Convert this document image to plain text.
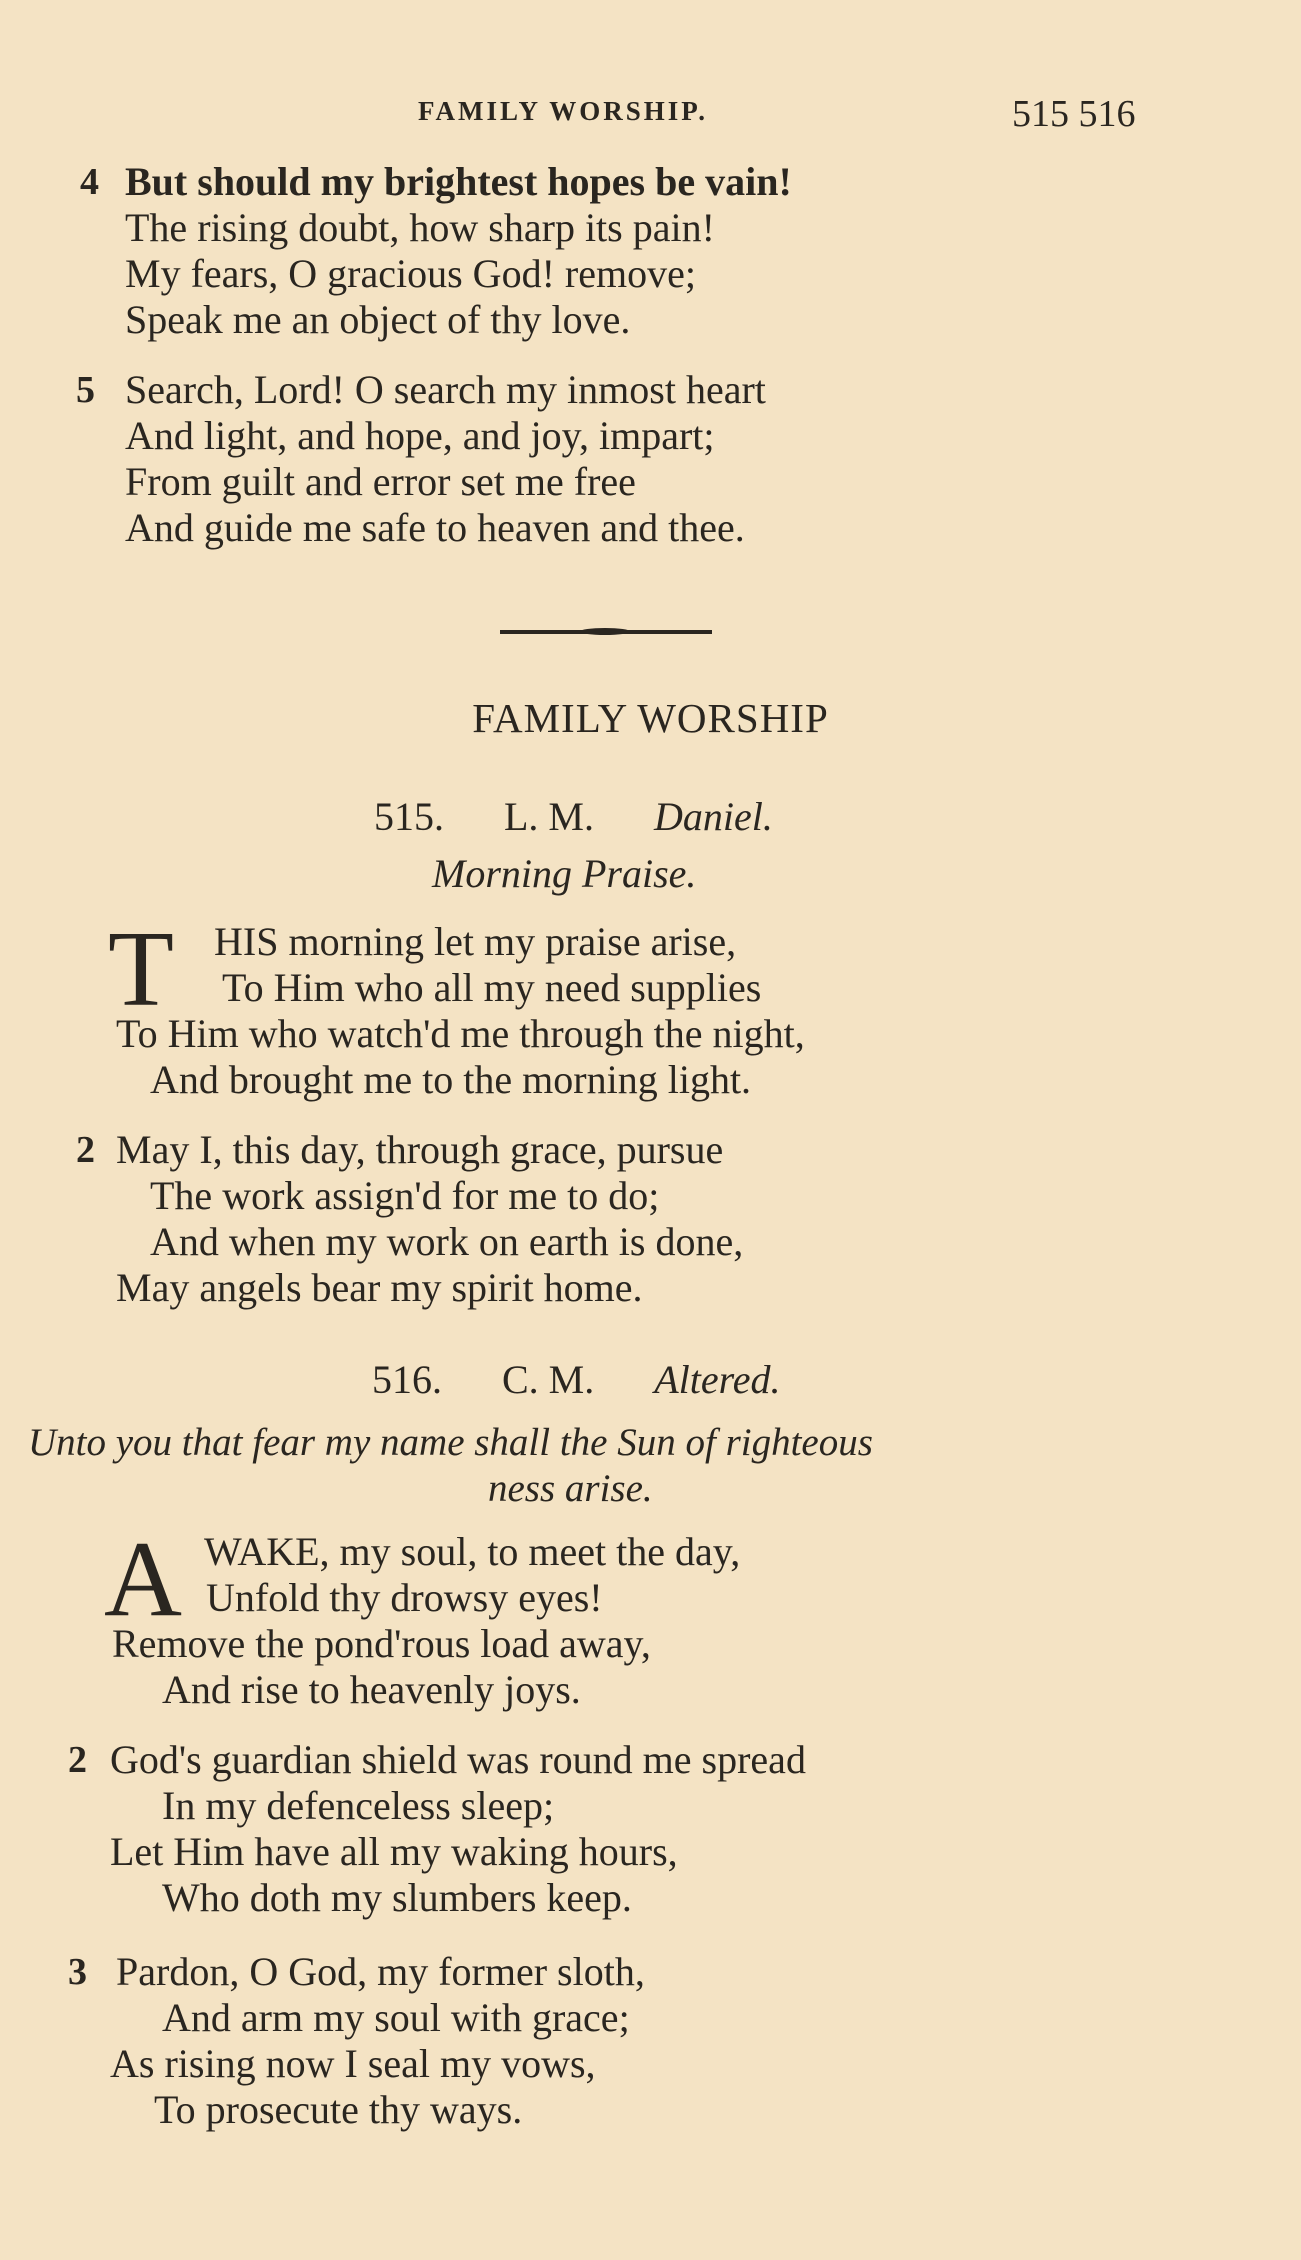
FAMILY WORSHIP.	515 516
4 But should my brightest hopes be vain!
The rising doubt, how sharp its pain!
My fears, O gracious God! remove;
Speak me an object of thy love.
5 Search, Lord! O search my inmost heart
And light, and hope, and joy, impart;
From guilt and error set me free
And guide me safe to heaven and thee.
FAMILY WORSHIP
515. L. M. Daniel.
Morning Praise.
T HIS morning let my praise arise,
To Him who all my need supplies
To Him who watch'd me through the night,
And brought me to the morning light.
2 May I, this day, through grace, pursue
The work assign'd for me to do;
And when my work on earth is done,
May angels bear my spirit home.
516. C. M. Altered.
Unto you that fear my name shall the Sun of righteous
ness arise.
A WAKE, my soul, to meet the day,
Unfold thy drowsy eyes!
Remove the pond'rous load away,
And rise to heavenly joys.
2 God's guardian shield was round me spread
In my defenceless sleep;
Let Him have all my waking hours,
Who doth my slumbers keep.
3 Pardon, O God, my former sloth,
And arm my soul with grace;
As rising now I seal my vows,
To prosecute thy ways.
